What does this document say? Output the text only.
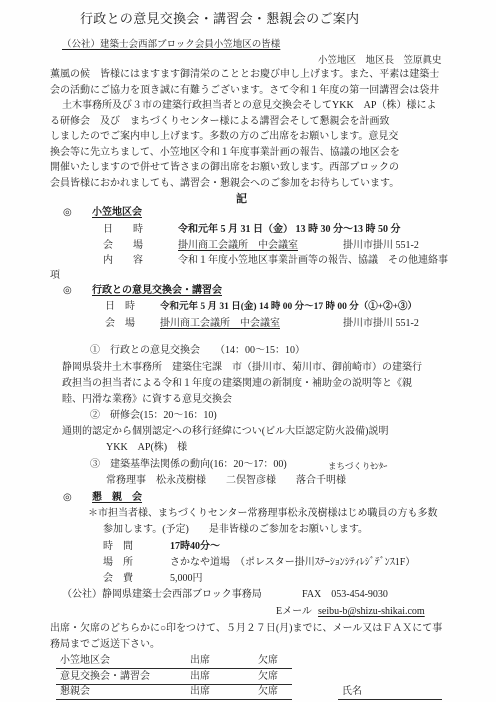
行政との意見交換会・講習会・懇親会のご案内
（公社）建築士会西部ブロック会員小笠地区の皆様
小笠地区　地区長　笠原眞史
薫風の候　皆様にはますます御清栄のこととお慶び申し上げます。また、平素は建築士
会の活動にご協力を頂き誠に有難うございます。さて令和１年度の第一回講習会は袋井
土木事務所及び３市の建築行政担当者との意見交換会そしてYKK　AP（株）様によ
る研修会　及び　まちづくりセンター様による講習会そして懇親会を計画致
しましたのでご案内申し上げます。多数の方のご出席をお願いします。意見交
換会等に先立ちまして、小笠地区令和１年度事業計画の報告、協議の地区会を
開催いたしますので併せて皆さまの御出席をお願い致します。西部ブロックの
会員皆様におかれましても、講習会・懇親会へのご参加をお待ちしています。
記
◎ 小笠地区会
日　　時	令和元年 5 月 31 日（金） 13 時 30 分～13 時 50 分
会　　場	掛川商工会議所　中会議室	掛川市掛川 551-2
内　　容	令和１年度小笠地区事業計画等の報告、協議　その他連絡事
項
◎ 行政との意見交換会・講習会
日　時	令和元年 5 月 31 日(金) 14 時 00 分～17 時 00 分（①+②+③）
会　場	掛川商工会議所　中会議室	掛川市掛川 551-2
①　行政との意見交換会　　（14：00～15：10）
静岡県袋井土木事務所　建築住宅課　市（掛川市、菊川市、御前崎市）の建築行
政担当の担当者による令和１年度の建築関連の新制度・補助金の説明等と《親
睦、円滑な業務》に資する意見交換会
②　研修会(15：20～16：10)
通則的認定から個別認定への移行経緯につい(ビル大臣認定防火設備)説明
YKK　AP(株)　様
③　建築基準法関係の動向(16：20～17：00)	まちづくりｾﾝﾀｰ
常務理事　松永茂樹様　　二俣智彦様　　落合千明様
◎ 懇　親　会
＊市担当者様、まちづくりセンター常務理事松永茂樹様はじめ職員の方も多数
参加します。(予定)　　是非皆様のご参加をお願いします。
時　間	17時40分～
場　所	さかなや道場　（ポレスター掛川ｽﾃｰｼｮﾝｼﾃｨﾚｼﾞﾃﾞﾝｽ1F）
会　費	5,000円
（公社）静岡県建築士会西部ブロック事務局	FAX　053-454-9030
Eメール seibu-b@shizu-shikai.com
出席・欠席のどちらかに○印をつけて、５月２７日(月)までに、メール又はＦＡＸにて事
務局までご返送下さい。
小笠地区会	出席	欠席
意見交換会・講習会	出席	欠席
懇親会	出席	欠席	氏名
